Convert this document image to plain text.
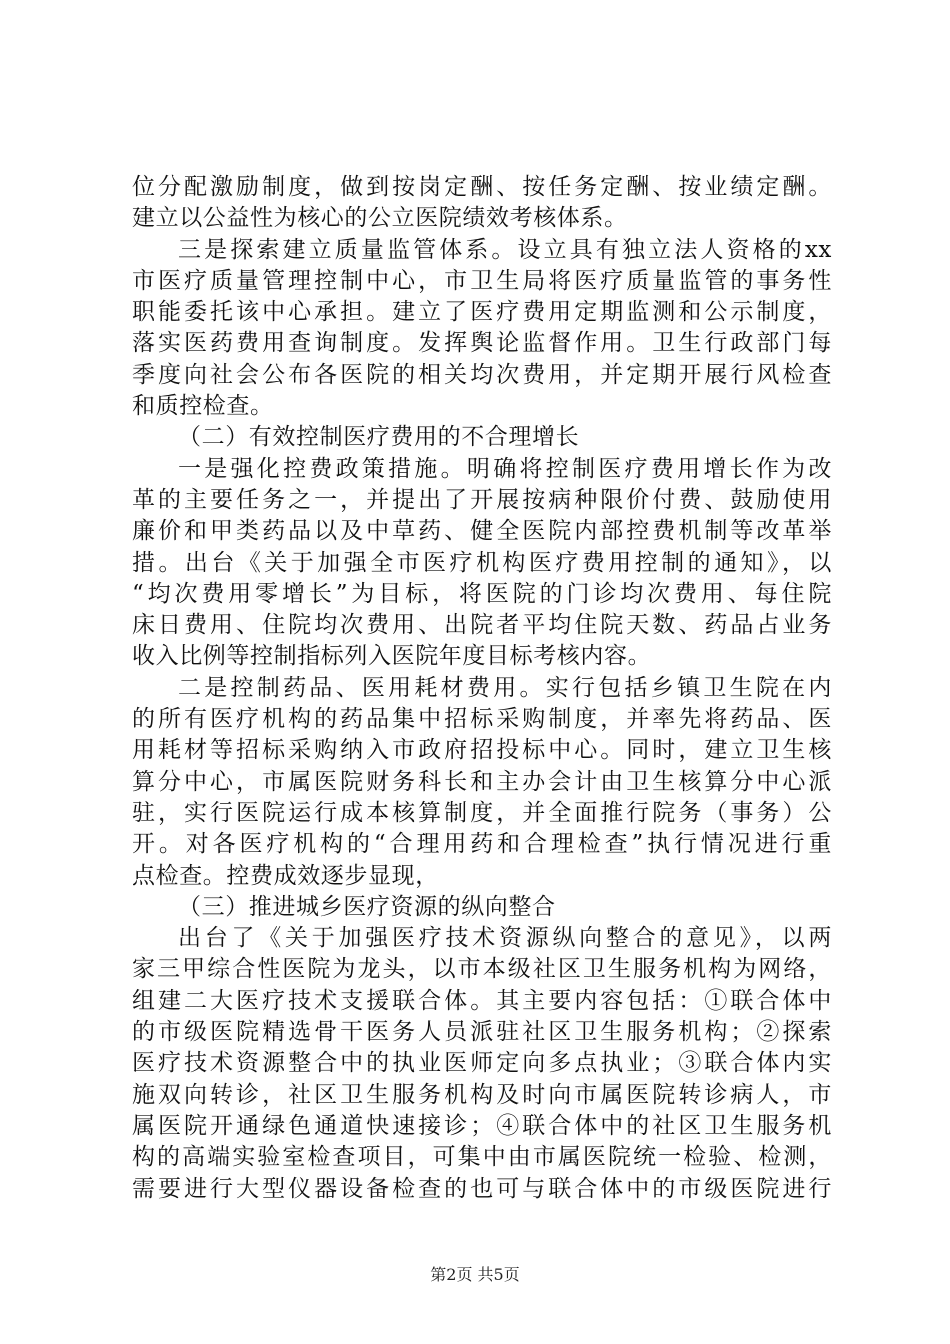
位分配激励制度，做到按岗定酬、按任务定酬、按业绩定酬。
建立以公益性为核心的公立医院绩效考核体系。
三是探索建立质量监管体系。设立具有独立法人资格的xx
市医疗质量管理控制中心，市卫生局将医疗质量监管的事务性
职能委托该中心承担。建立了医疗费用定期监测和公示制度，
落实医药费用查询制度。发挥舆论监督作用。卫生行政部门每
季度向社会公布各医院的相关均次费用，并定期开展行风检查
和质控检查。
（二）有效控制医疗费用的不合理增长
一是强化控费政策措施。明确将控制医疗费用增长作为改
革的主要任务之一，并提出了开展按病种限价付费、鼓励使用
廉价和甲类药品以及中草药、健全医院内部控费机制等改革举
措。出台《关于加强全市医疗机构医疗费用控制的通知》，以
“均次费用零增长”为目标，将医院的门诊均次费用、每住院
床日费用、住院均次费用、出院者平均住院天数、药品占业务
收入比例等控制指标列入医院年度目标考核内容。
二是控制药品、医用耗材费用。实行包括乡镇卫生院在内
的所有医疗机构的药品集中招标采购制度，并率先将药品、医
用耗材等招标采购纳入市政府招投标中心。同时，建立卫生核
算分中心，市属医院财务科长和主办会计由卫生核算分中心派
驻，实行医院运行成本核算制度，并全面推行院务（事务）公
开。对各医疗机构的“合理用药和合理检查”执行情况进行重
点检查。控费成效逐步显现，
（三）推进城乡医疗资源的纵向整合
出台了《关于加强医疗技术资源纵向整合的意见》，以两
家三甲综合性医院为龙头，以市本级社区卫生服务机构为网络，
组建二大医疗技术支援联合体。其主要内容包括：①联合体中
的市级医院精选骨干医务人员派驻社区卫生服务机构；②探索
医疗技术资源整合中的执业医师定向多点执业；③联合体内实
施双向转诊，社区卫生服务机构及时向市属医院转诊病人，市
属医院开通绿色通道快速接诊；④联合体中的社区卫生服务机
构的高端实验室检查项目，可集中由市属医院统一检验、检测，
需要进行大型仪器设备检查的也可与联合体中的市级医院进行
第2页 共5页
